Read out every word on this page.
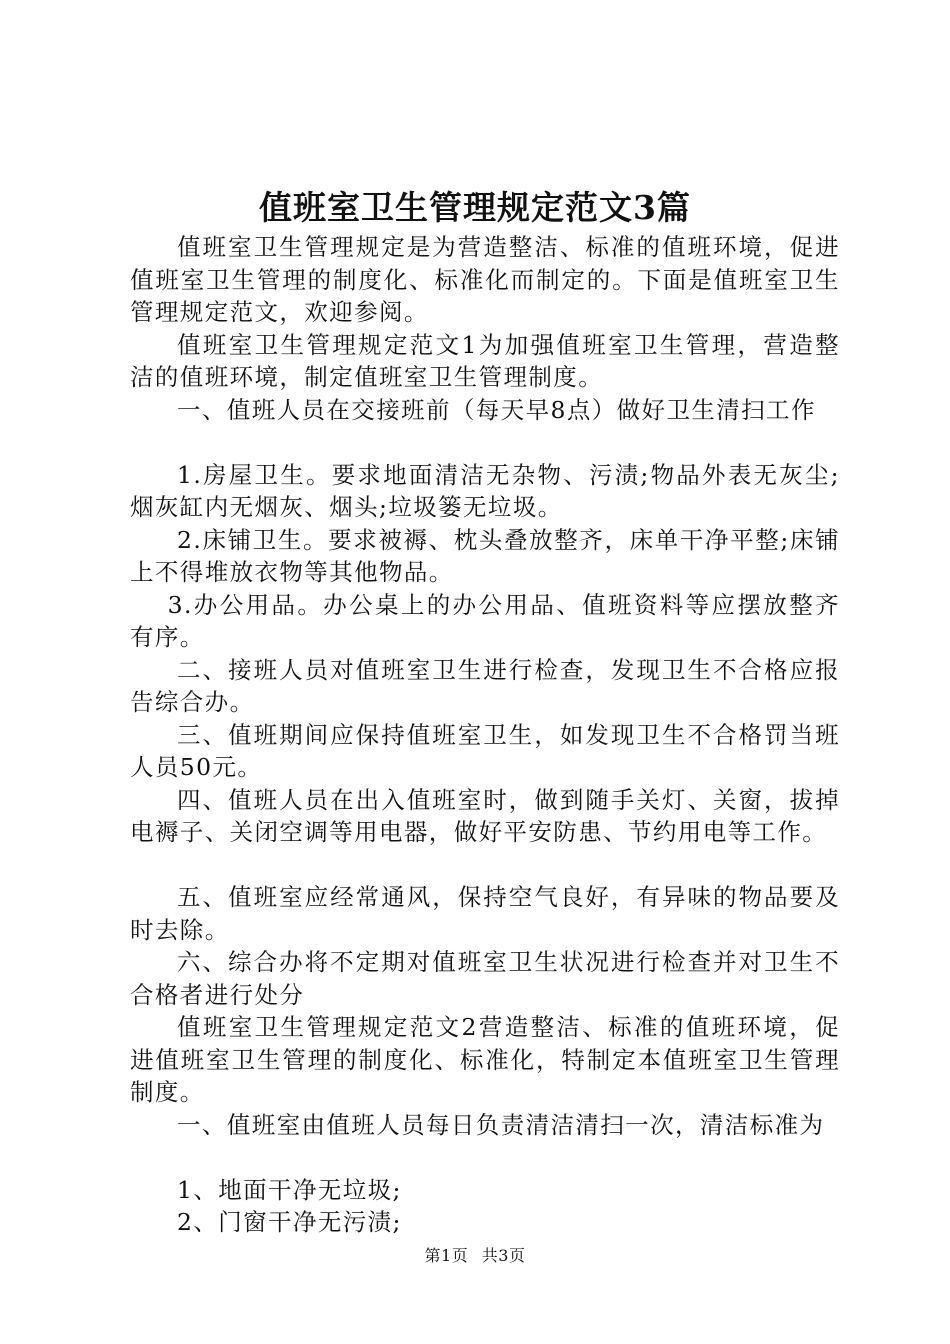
值班室卫生管理规定范文3篇

值班室卫生管理规定是为营造整洁、标准的值班环境，促进值班室卫生管理的制度化、标准化而制定的。下面是值班室卫生管理规定范文，欢迎参阅。

值班室卫生管理规定范文1为加强值班室卫生管理，营造整洁的值班环境，制定值班室卫生管理制度。

一、值班人员在交接班前（每天早8点）做好卫生清扫工作

1.房屋卫生。要求地面清洁无杂物、污渍;物品外表无灰尘;烟灰缸内无烟灰、烟头;垃圾篓无垃圾。

2.床铺卫生。要求被褥、枕头叠放整齐，床单干净平整;床铺上不得堆放衣物等其他物品。

3.办公用品。办公桌上的办公用品、值班资料等应摆放整齐有序。

二、接班人员对值班室卫生进行检查，发现卫生不合格应报告综合办。

三、值班期间应保持值班室卫生，如发现卫生不合格罚当班人员50元。

四、值班人员在出入值班室时，做到随手关灯、关窗，拔掉电褥子、关闭空调等用电器，做好平安防患、节约用电等工作。

五、值班室应经常通风，保持空气良好，有异味的物品要及时去除。

六、综合办将不定期对值班室卫生状况进行检查并对卫生不合格者进行处分

值班室卫生管理规定范文2营造整洁、标准的值班环境，促进值班室卫生管理的制度化、标准化，特制定本值班室卫生管理制度。

一、值班室由值班人员每日负责清洁清扫一次，清洁标准为

1、地面干净无垃圾;

2、门窗干净无污渍;

第1页 共3页
